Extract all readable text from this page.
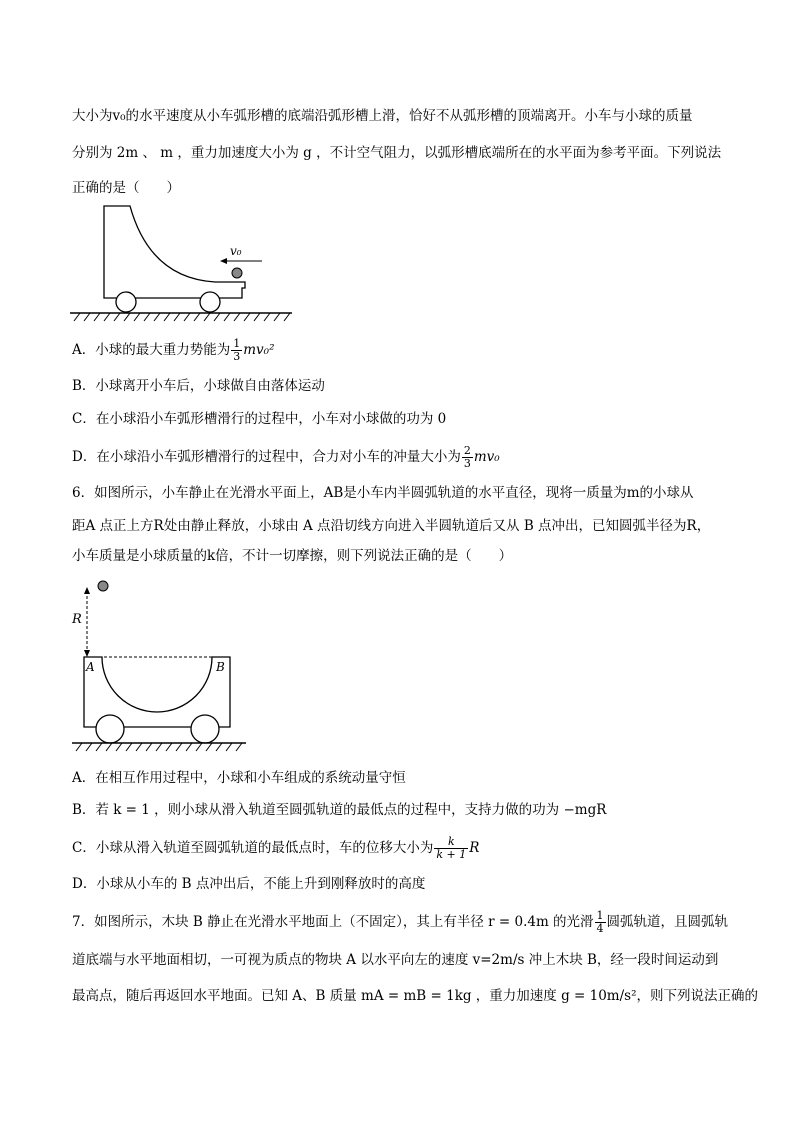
大小为v₀的水平速度从小车弧形槽的底端沿弧形槽上滑，恰好不从弧形槽的顶端离开。小车与小球的质量
分别为 2m 、 m ，重力加速度大小为 g ，不计空气阻力，以弧形槽底端所在的水平面为参考平面。下列说法
正确的是（　　）
v₀
A．小球的最大重力势能为 $\frac{1}{3} mv_0^2$
B．小球离开小车后，小球做自由落体运动
C．在小球沿小车弧形槽滑行的过程中，小车对小球做的功为 0
D．在小球沿小车弧形槽滑行的过程中，合力对小车的冲量大小为 $\frac{2}{3} mv_0$
6．如图所示，小车静止在光滑水平面上，AB是小车内半圆弧轨道的水平直径，现将一质量为m的小球从
距A 点正上方R处由静止释放，小球由 A 点沿切线方向进入半圆轨道后又从 B 点冲出，已知圆弧半径为R，
小车质量是小球质量的k倍，不计一切摩擦，则下列说法正确的是（　　）
R
A	B
A．在相互作用过程中，小球和小车组成的系统动量守恒
B．若 k = 1 ，则小球从滑入轨道至圆弧轨道的最低点的过程中，支持力做的功为 −mgR
C．小球从滑入轨道至圆弧轨道的最低点时，车的位移大小为 $\frac{k}{k + 1}$ R
D．小球从小车的 B 点冲出后，不能上升到刚释放时的高度
7．如图所示，木块 B 静止在光滑水平地面上（不固定），其上有半径 r = 0.4m 的光滑 $\frac{1}{4}$ 圆弧轨道，且圆弧轨
道底端与水平地面相切，一可视为质点的物块 A 以水平向左的速度 v=2m/s 冲上木块 B，经一段时间运动到
最高点，随后再返回水平地面。已知 A、B 质量 mA = mB = 1kg ，重力加速度 g = 10m/s²，则下列说法正确的
